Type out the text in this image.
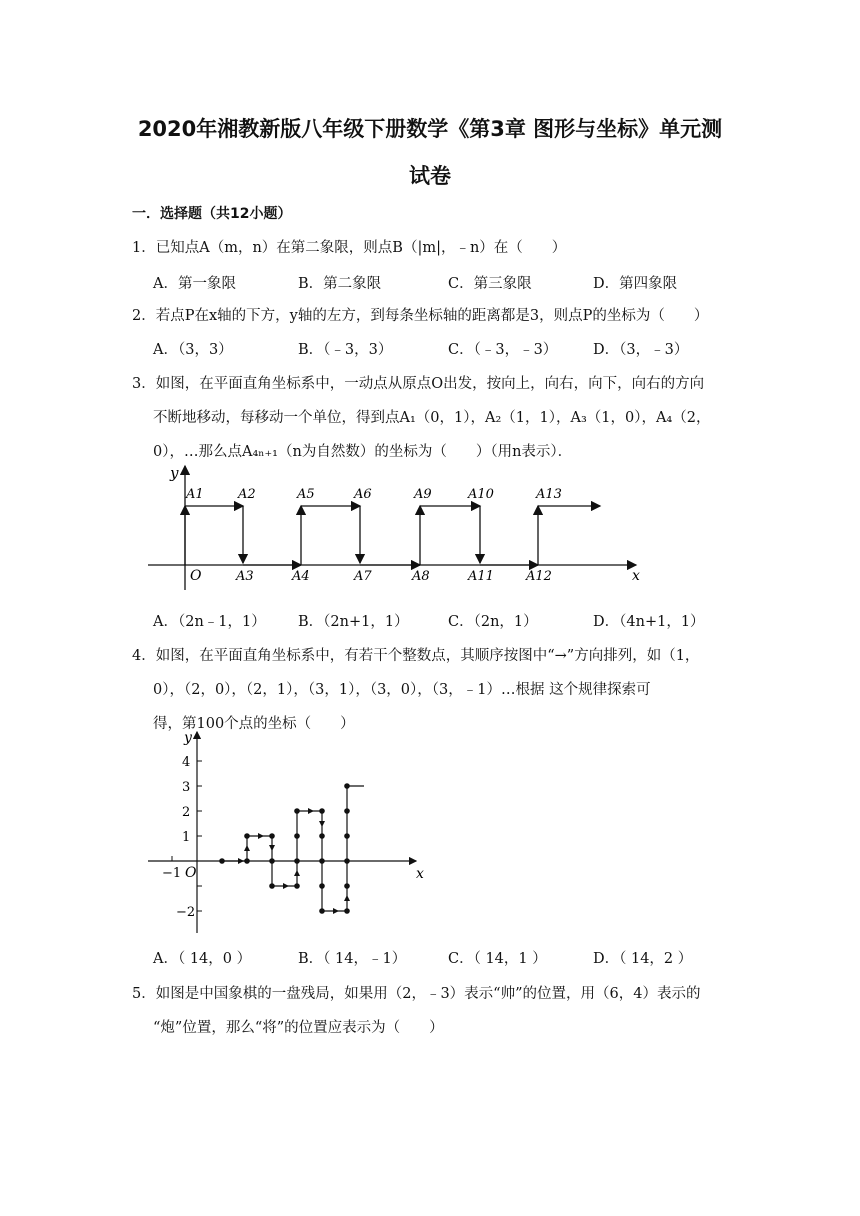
2020年湘教新版八年级下册数学《第3章 图形与坐标》单元测
试卷
一．选择题（共12小题）
1．已知点A（m，n）在第二象限，则点B（|m|，﹣n）在（　　）
A．第一象限	B．第二象限	C．第三象限	D．第四象限
2．若点P在x轴的下方，y轴的左方，到每条坐标轴的距离都是3，则点P的坐标为（　　）
A．（3，3）	B．（﹣3，3）	C．（﹣3，﹣3） D．（3，﹣3）
3．如图，在平面直角坐标系中，一动点从原点O出发，按向上，向右，向下，向右的方向
不断地移动，每移动一个单位，得到点A₁（0，1），A₂（1，1），A₃（1，0），A₄（2，
0），…那么点A₄ₙ₊₁（n为自然数）的坐标为（　　）（用n表示）．
y
x
O
A1	A2	A5	A6	A9	A10	A13
A3	A4	A7	A8	A11 A12
A．（2n﹣1，1） B．（2n+1，1）	C．（2n，1）	D．（4n+1，1）
4．如图，在平面直角坐标系中，有若干个整数点，其顺序按图中“→”方向排列，如（1，
0），（2，0），（2，1），（3，1），（3，0），（3，﹣1）…根据 这个规律探索可
得，第100个点的坐标（　　）
y
x
O
4
3
2
1
−2
−1
A．（ 14，0 ）	B．（ 14，﹣1）	C．（ 14，1 ）	D．（ 14，2 ）
5．如图是中国象棋的一盘残局，如果用（2，﹣3）表示“帅”的位置，用（6，4）表示的
“炮”位置，那么“将”的位置应表示为（　　）
